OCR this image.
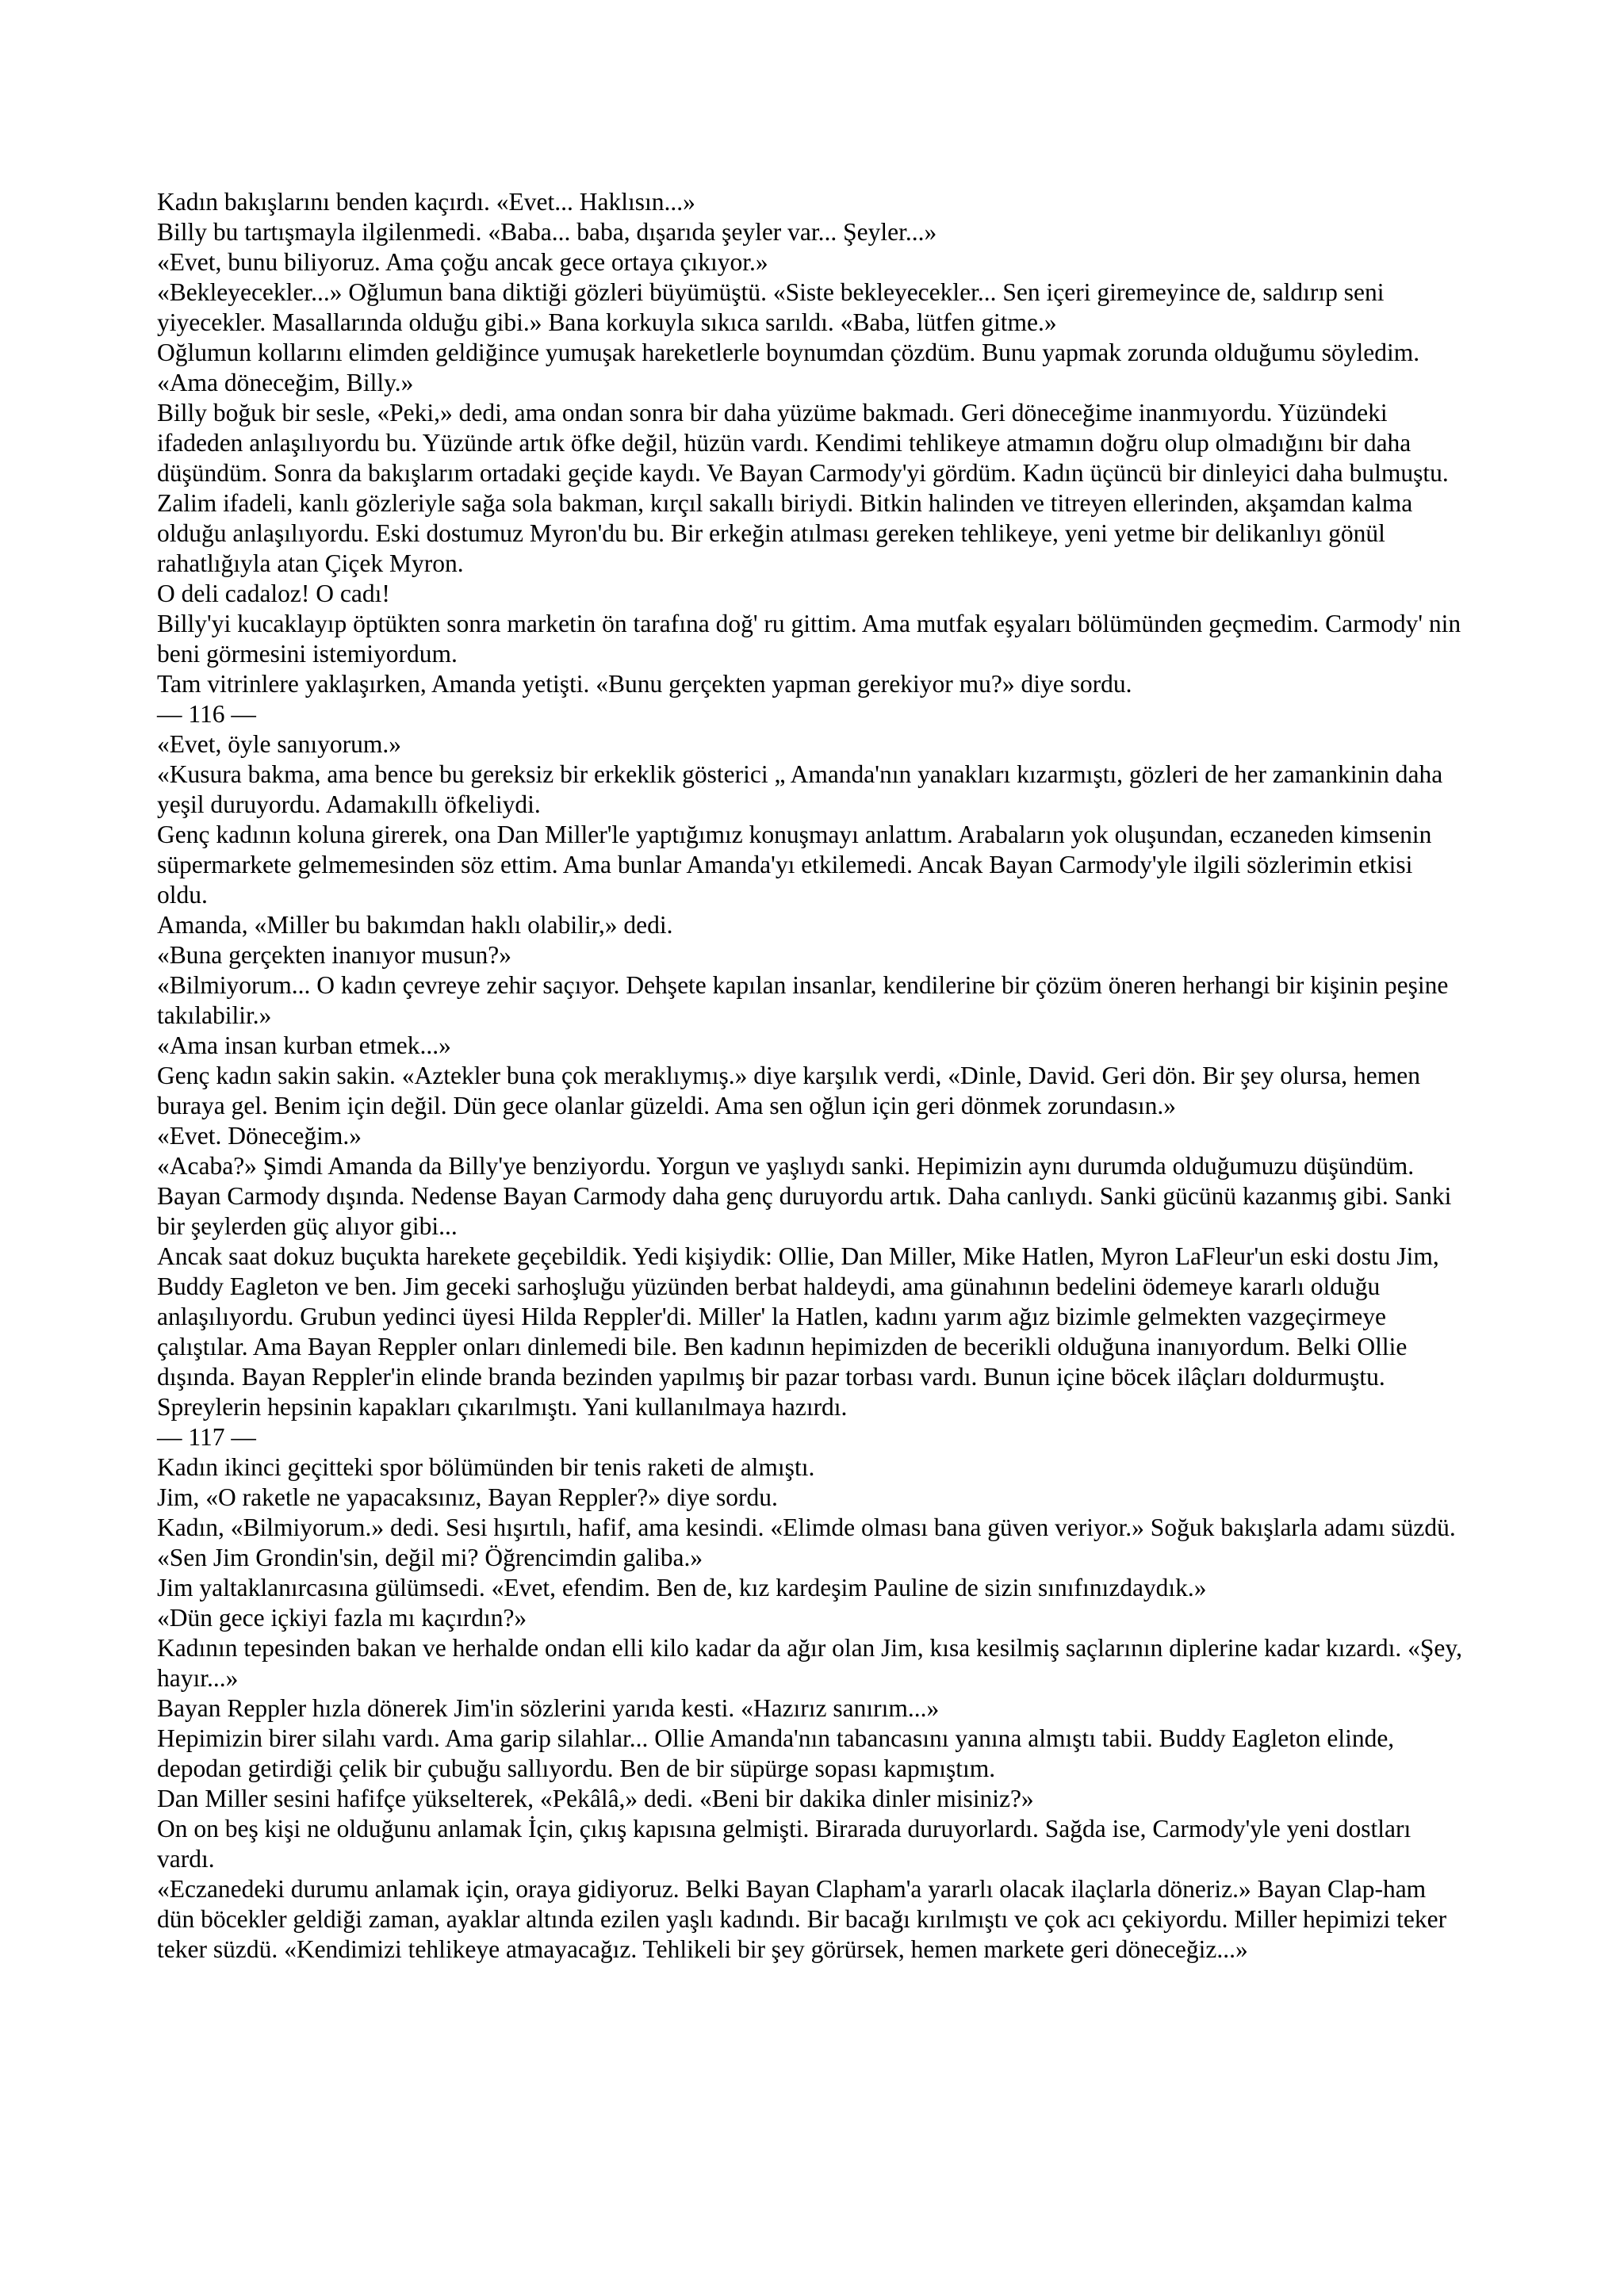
Kadın bakışlarını benden kaçırdı. «Evet... Haklısın...»

Billy bu tartışmayla ilgilenmedi. «Baba... baba, dışarıda şeyler var... Şeyler...»

«Evet, bunu biliyoruz. Ama çoğu ancak gece ortaya çıkıyor.»

«Bekleyecekler...» Oğlumun bana diktiği gözleri büyümüştü. «Siste bekleyecekler... Sen içeri giremeyince de, saldırıp seni yiyecekler. Masallarında olduğu gibi.» Bana korkuyla sıkıca sarıldı. «Baba, lütfen gitme.»

Oğlumun kollarını elimden geldiğince yumuşak hareketlerle boynumdan çözdüm. Bunu yapmak zorunda olduğumu söyledim. «Ama döneceğim, Billy.»

Billy boğuk bir sesle, «Peki,» dedi, ama ondan sonra bir daha yüzüme bakmadı. Geri döneceğime inanmıyordu. Yüzündeki ifadeden anlaşılıyordu bu. Yüzünde artık öfke değil, hüzün vardı. Kendimi tehlikeye atmamın doğru olup olmadığını bir daha düşündüm. Sonra da bakışlarım ortadaki geçide kaydı. Ve Bayan Carmody'yi gördüm. Kadın üçüncü bir dinleyici daha bulmuştu. Zalim ifadeli, kanlı gözleriyle sağa sola bakman, kırçıl sakallı biriydi. Bitkin halinden ve titreyen ellerinden, akşamdan kalma olduğu anlaşılıyordu. Eski dostumuz Myron'du bu. Bir erkeğin atılması gereken tehlikeye, yeni yetme bir delikanlıyı gönül rahatlığıyla atan Çiçek Myron.

O deli cadaloz! O cadı!

Billy'yi kucaklayıp öptükten sonra marketin ön tarafına doğ' ru gittim. Ama mutfak eşyaları bölümünden geçmedim. Carmody' nin beni görmesini istemiyordum.

Tam vitrinlere yaklaşırken, Amanda yetişti. «Bunu gerçekten yapman gerekiyor mu?» diye sordu.

— 116 —

«Evet, öyle sanıyorum.»

«Kusura bakma, ama bence bu gereksiz bir erkeklik gösterici „ Amanda'nın yanakları kızarmıştı, gözleri de her zamankinin daha yeşil duruyordu. Adamakıllı öfkeliydi.

Genç kadının koluna girerek, ona Dan Miller'le yaptığımız konuşmayı anlattım. Arabaların yok oluşundan, eczaneden kimsenin süpermarkete gelmemesinden söz ettim. Ama bunlar Amanda'yı etkilemedi. Ancak Bayan Carmody'yle ilgili sözlerimin etkisi oldu.

Amanda, «Miller bu bakımdan haklı olabilir,» dedi.

«Buna gerçekten inanıyor musun?»

«Bilmiyorum... O kadın çevreye zehir saçıyor. Dehşete kapılan insanlar, kendilerine bir çözüm öneren herhangi bir kişinin peşine takılabilir.»

«Ama insan kurban etmek...»

Genç kadın sakin sakin. «Aztekler buna çok meraklıymış.» diye karşılık verdi, «Dinle, David. Geri dön. Bir şey olursa, hemen buraya gel. Benim için değil. Dün gece olanlar güzeldi. Ama sen oğlun için geri dönmek zorundasın.»

«Evet. Döneceğim.»

«Acaba?» Şimdi Amanda da Billy'ye benziyordu. Yorgun ve yaşlıydı sanki. Hepimizin aynı durumda olduğumuzu düşündüm. Bayan Carmody dışında. Nedense Bayan Carmody daha genç duruyordu artık. Daha canlıydı. Sanki gücünü kazanmış gibi. Sanki bir şeylerden güç alıyor gibi...

Ancak saat dokuz buçukta harekete geçebildik. Yedi kişiydik: Ollie, Dan Miller, Mike Hatlen, Myron LaFleur'un eski dostu Jim, Buddy Eagleton ve ben. Jim geceki sarhoşluğu yüzünden berbat haldeydi, ama günahının bedelini ödemeye kararlı olduğu anlaşılıyordu. Grubun yedinci üyesi Hilda Reppler'di. Miller' la Hatlen, kadını yarım ağız bizimle gelmekten vazgeçirmeye çalıştılar. Ama Bayan Reppler onları dinlemedi bile. Ben kadının hepimizden de becerikli olduğuna inanıyordum. Belki Ollie dışında. Bayan Reppler'in elinde branda bezinden yapılmış bir pazar torbası vardı. Bunun içine böcek ilâçları doldurmuştu. Spreylerin hepsinin kapakları çıkarılmıştı. Yani kullanılmaya hazırdı.

— 117 —

Kadın ikinci geçitteki spor bölümünden bir tenis raketi de almıştı.

Jim, «O raketle ne yapacaksınız, Bayan Reppler?» diye sordu.

Kadın, «Bilmiyorum.» dedi. Sesi hışırtılı, hafif, ama kesindi. «Elimde olması bana güven veriyor.» Soğuk bakışlarla adamı süzdü. «Sen Jim Grondin'sin, değil mi? Öğrencimdin galiba.»

Jim yaltaklanırcasına gülümsedi. «Evet, efendim. Ben de, kız kardeşim Pauline de sizin sınıfınızdaydık.»

«Dün gece içkiyi fazla mı kaçırdın?»

Kadının tepesinden bakan ve herhalde ondan elli kilo kadar da ağır olan Jim, kısa kesilmiş saçlarının diplerine kadar kızardı. «Şey, hayır...»

Bayan Reppler hızla dönerek Jim'in sözlerini yarıda kesti. «Hazırız sanırım...»

Hepimizin birer silahı vardı. Ama garip silahlar... Ollie Amanda'nın tabancasını yanına almıştı tabii. Buddy Eagleton elinde, depodan getirdiği çelik bir çubuğu sallıyordu. Ben de bir süpürge sopası kapmıştım.

Dan Miller sesini hafifçe yükselterek, «Pekâlâ,» dedi. «Beni bir dakika dinler misiniz?»

On on beş kişi ne olduğunu anlamak İçin, çıkış kapısına gelmişti. Birarada duruyorlardı. Sağda ise, Carmody'yle yeni dostları vardı.

«Eczanedeki durumu anlamak için, oraya gidiyoruz. Belki Bayan Clapham'a yararlı olacak ilaçlarla döneriz.» Bayan Clap-ham dün böcekler geldiği zaman, ayaklar altında ezilen yaşlı kadındı. Bir bacağı kırılmıştı ve çok acı çekiyordu. Miller hepimizi teker teker süzdü. «Kendimizi tehlikeye atmayacağız. Tehlikeli bir şey görürsek, hemen markete geri döneceğiz...»
